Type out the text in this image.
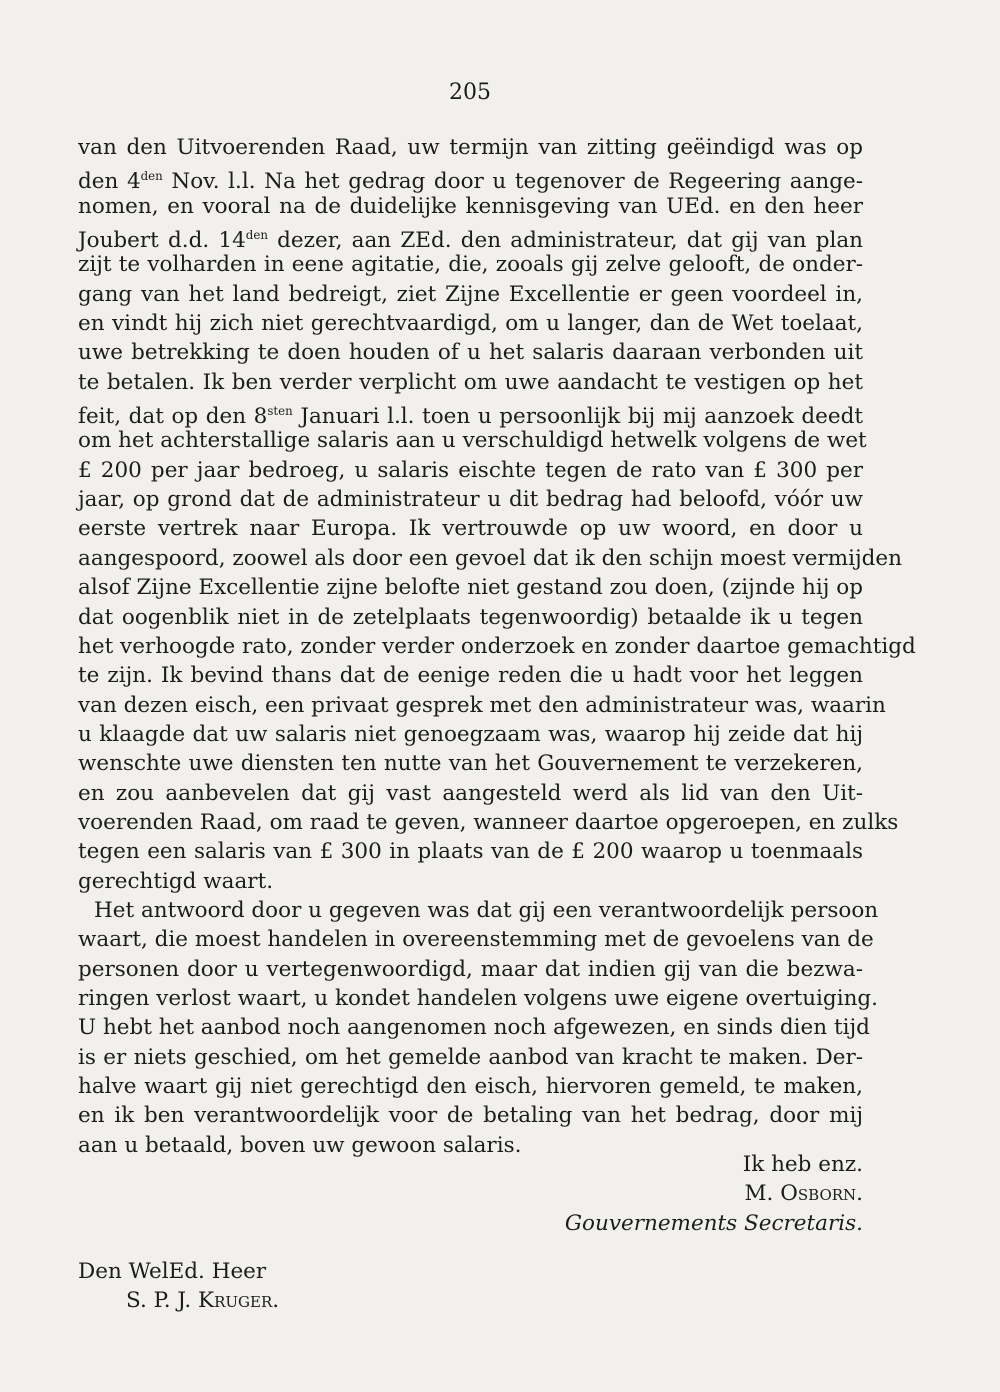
205
van den Uitvoerenden Raad, uw termijn van zitting geëindigd was op
den $4^{den}$ Nov. l.l. Na het gedrag door u tegenover de Regeering aange-
nomen, en vooral na de duidelijke kennisgeving van UEd. en den heer
Joubert d.d. $14^{den}$ dezer, aan ZEd. den administrateur, dat gij van plan
zijt te volharden in eene agitatie, die, zooals gij zelve gelooft, de onder-
gang van het land bedreigt, ziet Zijne Excellentie er geen voordeel in,
en vindt hij zich niet gerechtvaardigd, om u langer, dan de Wet toelaat,
uwe betrekking te doen houden of u het salaris daaraan verbonden uit
te betalen. Ik ben verder verplicht om uwe aandacht te vestigen op het
feit, dat op den $8^{sten}$ Januari l.l. toen u persoonlijk bij mij aanzoek deedt
om het achterstallige salaris aan u verschuldigd hetwelk volgens de wet
£ 200 per jaar bedroeg, u salaris eischte tegen de rato van £ 300 per
jaar, op grond dat de administrateur u dit bedrag had beloofd, vóór uw
eerste vertrek naar Europa. Ik vertrouwde op uw woord, en door u
aangespoord, zoowel als door een gevoel dat ik den schijn moest vermijden
alsof Zijne Excellentie zijne belofte niet gestand zou doen, (zijnde hij op
dat oogenblik niet in de zetelplaats tegenwoordig) betaalde ik u tegen
het verhoogde rato, zonder verder onderzoek en zonder daartoe gemachtigd
te zijn. Ik bevind thans dat de eenige reden die u hadt voor het leggen
van dezen eisch, een privaat gesprek met den administrateur was, waarin
u klaagde dat uw salaris niet genoegzaam was, waarop hij zeide dat hij
wenschte uwe diensten ten nutte van het Gouvernement te verzekeren,
en zou aanbevelen dat gij vast aangesteld werd als lid van den Uit-
voerenden Raad, om raad te geven, wanneer daartoe opgeroepen, en zulks
tegen een salaris van £ 300 in plaats van de £ 200 waarop u toenmaals
gerechtigd waart.
Het antwoord door u gegeven was dat gij een verantwoordelijk persoon
waart, die moest handelen in overeenstemming met de gevoelens van de
personen door u vertegenwoordigd, maar dat indien gij van die bezwa-
ringen verlost waart, u kondet handelen volgens uwe eigene overtuiging.
U hebt het aanbod noch aangenomen noch afgewezen, en sinds dien tijd
is er niets geschied, om het gemelde aanbod van kracht te maken. Der-
halve waart gij niet gerechtigd den eisch, hiervoren gemeld, te maken,
en ik ben verantwoordelijk voor de betaling van het bedrag, door mij
aan u betaald, boven uw gewoon salaris.
Ik heb enz.
M. Osborn.
Gouvernements Secretaris.
Den WelEd. Heer
S. P. J. Kruger.
